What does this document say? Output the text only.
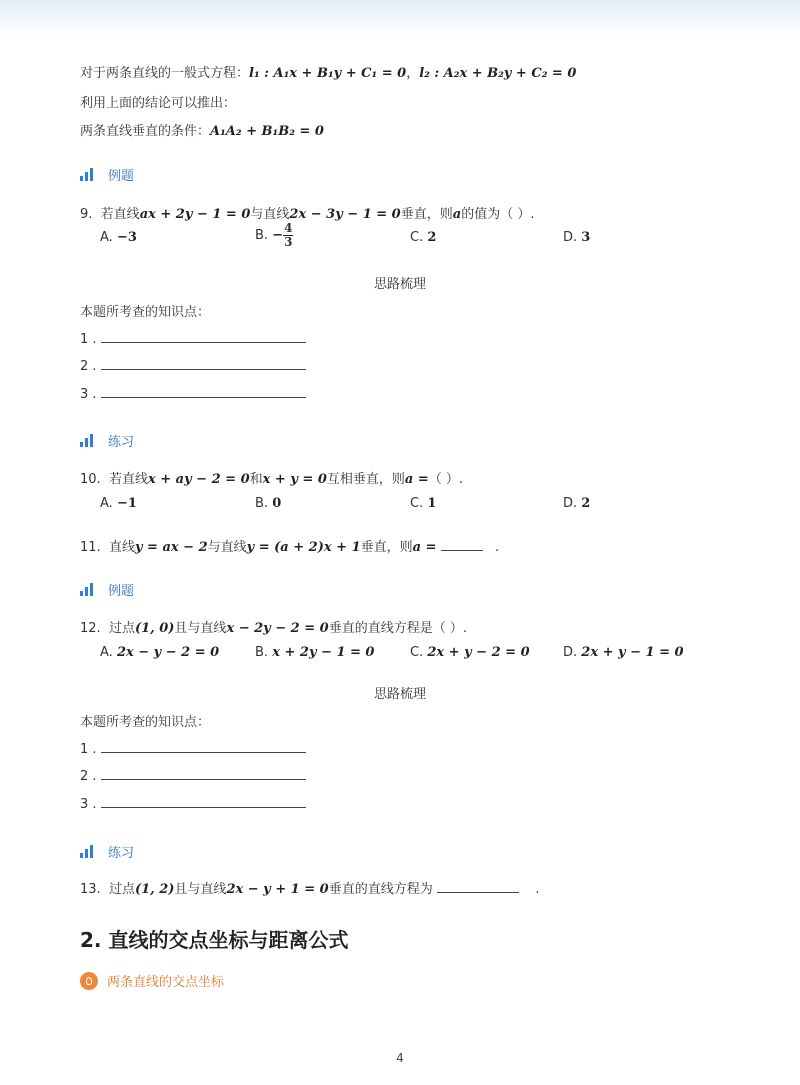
对于两条直线的一般式方程：l₁ : A₁x + B₁y + C₁ = 0，l₂ : A₂x + B₂y + C₂ = 0
利用上面的结论可以推出：
两条直线垂直的条件：A₁A₂ + B₁B₂ = 0
例题
9. 若直线ax + 2y − 1 = 0与直线2x − 3y − 1 = 0垂直，则a的值为（ ）.
A. −3	B. − $\frac{4}{3}$	C. 2	D. 3
思路梳理
本题所考查的知识点：
1 .
2 .
3 .
练习
10. 若直线x + ay − 2 = 0和x + y = 0互相垂直，则a =（ ）.
A. −1	B. 0	C. 1	D. 2
11. 直线y = ax − 2与直线y = (a + 2)x + 1垂直，则a =	.
例题
12. 过点(1, 0)且与直线x − 2y − 2 = 0垂直的直线方程是（ ）.
A. 2x − y − 2 = 0	B. x + 2y − 1 = 0	C. 2x + y − 2 = 0	D. 2x + y − 1 = 0
思路梳理
本题所考查的知识点：
1 .
2 .
3 .
练习
13. 过点(1, 2)且与直线2x − y + 1 = 0垂直的直线方程为	.
2. 直线的交点坐标与距离公式
两条直线的交点坐标
4
